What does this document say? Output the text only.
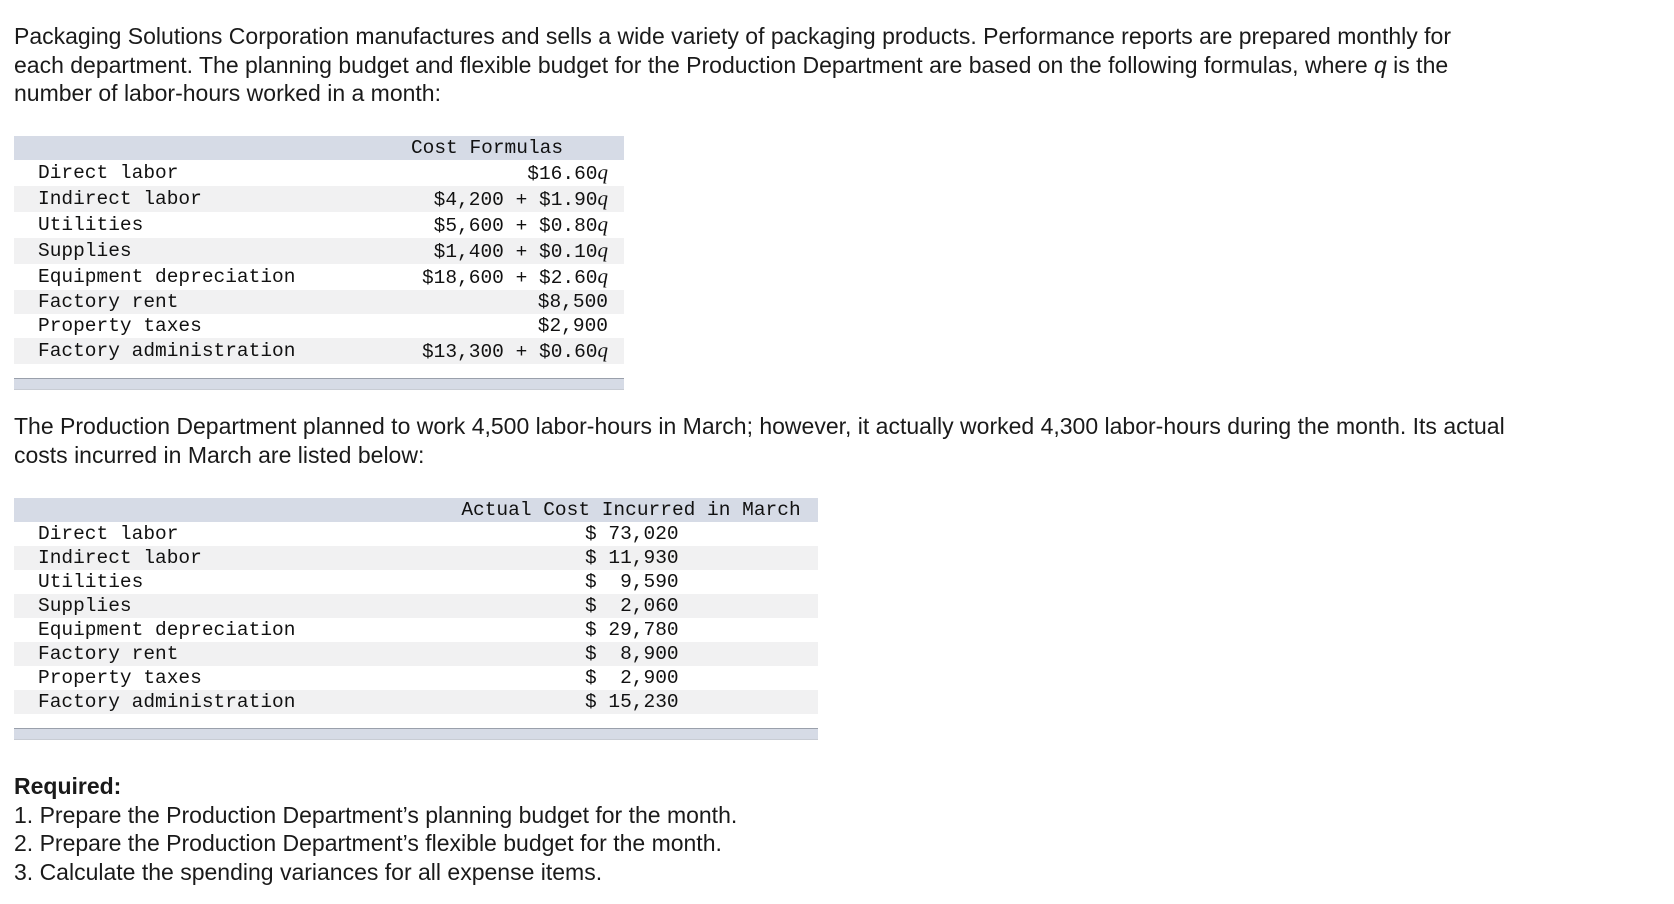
Packaging Solutions Corporation manufactures and sells a wide variety of packaging products. Performance reports are prepared monthly for each department. The planning budget and flexible budget for the Production Department are based on the following formulas, where q is the number of labor-hours worked in a month:

	Cost Formulas
Direct labor	$16.60q
Indirect labor	$4,200 + $1.90q
Utilities	$5,600 + $0.80q
Supplies	$1,400 + $0.10q
Equipment depreciation	$18,600 + $2.60q
Factory rent	$8,500
Property taxes	$2,900
Factory administration	$13,300 + $0.60q

The Production Department planned to work 4,500 labor-hours in March; however, it actually worked 4,300 labor-hours during the month. Its actual costs incurred in March are listed below:

	Actual Cost Incurred in March
Direct labor	$ 73,020
Indirect labor	$ 11,930
Utilities	$  9,590
Supplies	$  2,060
Equipment depreciation	$ 29,780
Factory rent	$  8,900
Property taxes	$  2,900
Factory administration	$ 15,230

Required:
1. Prepare the Production Department’s planning budget for the month.
2. Prepare the Production Department’s flexible budget for the month.
3. Calculate the spending variances for all expense items.
